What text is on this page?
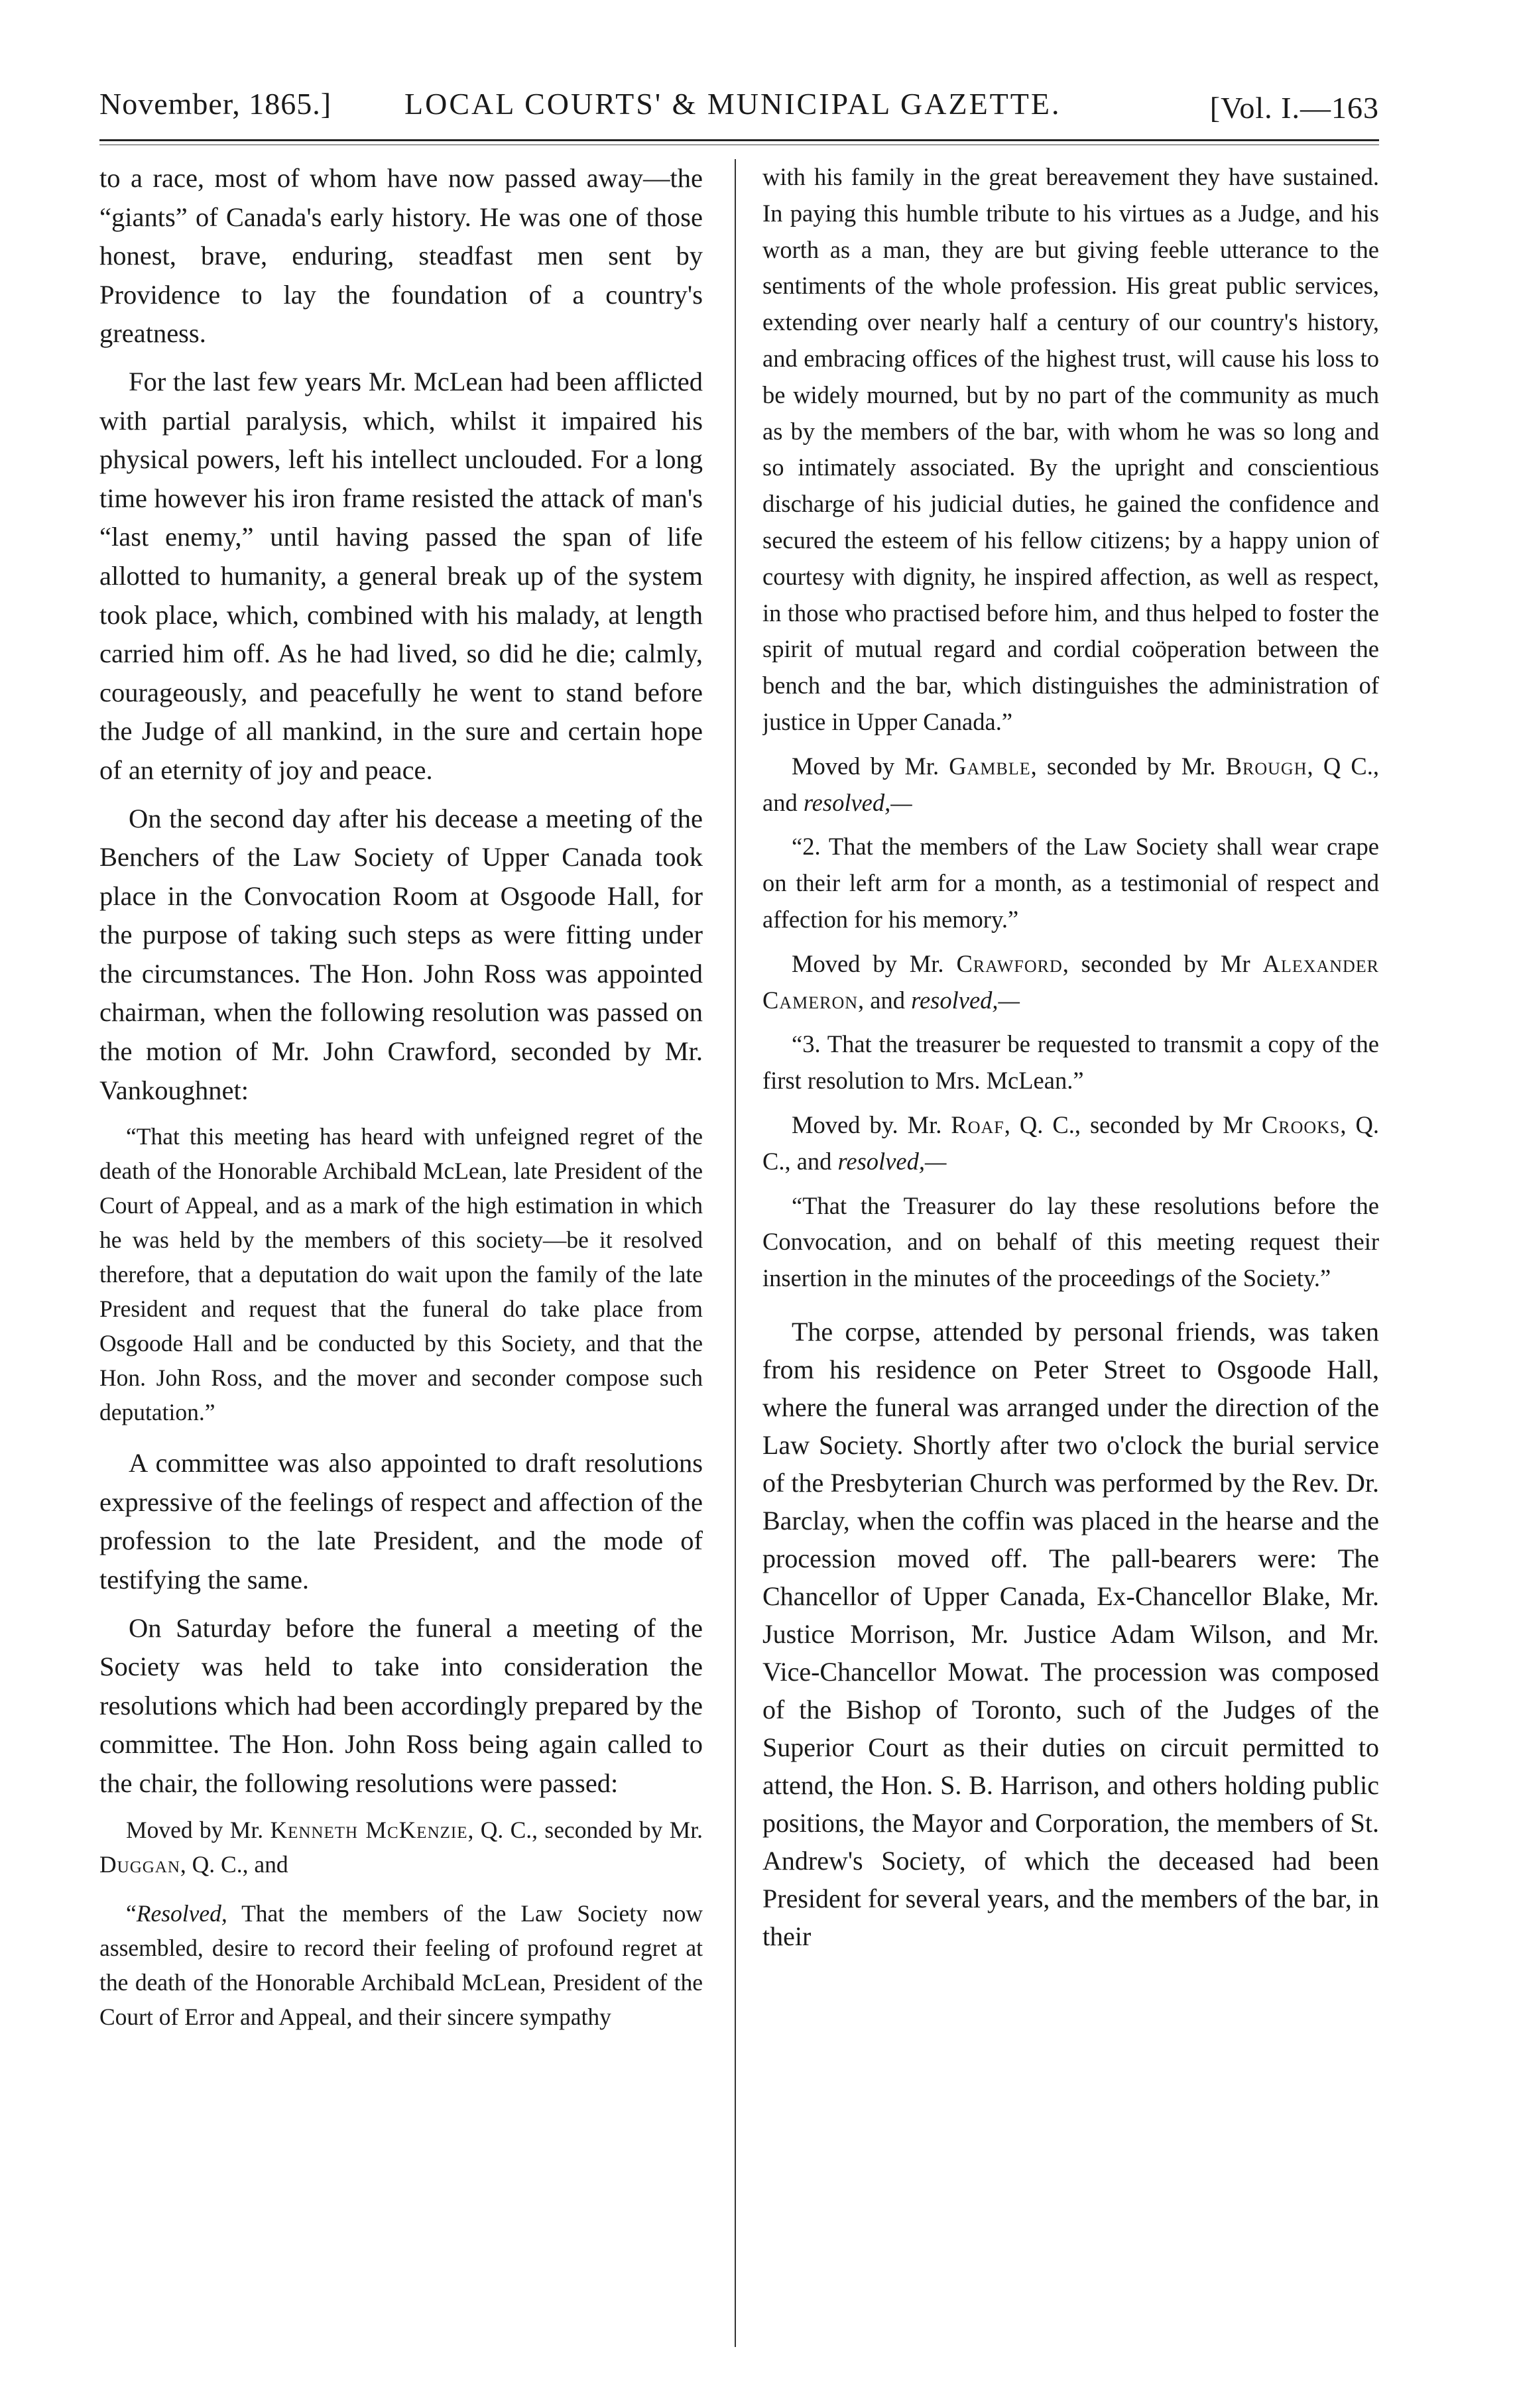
November, 1865.] LOCAL COURTS' & MUNICIPAL GAZETTE.	[Vol. I.—163

to a race, most of whom have now passed away—the “giants” of Canada's early history. He was one of those honest, brave, enduring, steadfast men sent by Providence to lay the foundation of a country's greatness.

For the last few years Mr. McLean had been afflicted with partial paralysis, which, whilst it impaired his physical powers, left his intellect unclouded. For a long time however his iron frame resisted the attack of man's “last enemy,” until having passed the span of life allotted to humanity, a general break up of the system took place, which, combined with his malady, at length carried him off. As he had lived, so did he die; calmly, courageously, and peacefully he went to stand before the Judge of all mankind, in the sure and certain hope of an eternity of joy and peace.

On the second day after his decease a meeting of the Benchers of the Law Society of Upper Canada took place in the Convocation Room at Osgoode Hall, for the purpose of taking such steps as were fitting under the circumstances. The Hon. John Ross was appointed chairman, when the following resolution was passed on the motion of Mr. John Crawford, seconded by Mr. Vankoughnet:

“That this meeting has heard with unfeigned regret of the death of the Honorable Archibald McLean, late President of the Court of Appeal, and as a mark of the high estimation in which he was held by the members of this society—be it resolved therefore, that a deputation do wait upon the family of the late President and request that the funeral do take place from Osgoode Hall and be conducted by this Society, and that the Hon. John Ross, and the mover and seconder compose such deputation.”

A committee was also appointed to draft resolutions expressive of the feelings of respect and affection of the profession to the late President, and the mode of testifying the same.

On Saturday before the funeral a meeting of the Society was held to take into consideration the resolutions which had been accordingly prepared by the committee. The Hon. John Ross being again called to the chair, the following resolutions were passed:

Moved by Mr. Kenneth McKenzie, Q. C., seconded by Mr. Duggan, Q. C., and

“Resolved, That the members of the Law Society now assembled, desire to record their feeling of profound regret at the death of the Honorable Archibald McLean, President of the Court of Error and Appeal, and their sincere sympathy

with his family in the great bereavement they have sustained. In paying this humble tribute to his virtues as a Judge, and his worth as a man, they are but giving feeble utterance to the sentiments of the whole profession. His great public services, extending over nearly half a century of our country's history, and embracing offices of the highest trust, will cause his loss to be widely mourned, but by no part of the community as much as by the members of the bar, with whom he was so long and so intimately associated. By the upright and conscientious discharge of his judicial duties, he gained the confidence and secured the esteem of his fellow citizens; by a happy union of courtesy with dignity, he inspired affection, as well as respect, in those who practised before him, and thus helped to foster the spirit of mutual regard and cordial coöperation between the bench and the bar, which distinguishes the administration of justice in Upper Canada.”

Moved by Mr. Gamble, seconded by Mr. Brough, Q C., and resolved,—

“2. That the members of the Law Society shall wear crape on their left arm for a month, as a testimonial of respect and affection for his memory.”

Moved by Mr. Crawford, seconded by Mr Alexander Cameron, and resolved,—

“3. That the treasurer be requested to transmit a copy of the first resolution to Mrs. McLean.”

Moved by. Mr. Roaf, Q. C., seconded by Mr Crooks, Q. C., and resolved,—

“That the Treasurer do lay these resolutions before the Convocation, and on behalf of this meeting request their insertion in the minutes of the proceedings of the Society.”

The corpse, attended by personal friends, was taken from his residence on Peter Street to Osgoode Hall, where the funeral was arranged under the direction of the Law Society. Shortly after two o'clock the burial service of the Presbyterian Church was performed by the Rev. Dr. Barclay, when the coffin was placed in the hearse and the procession moved off. The pall-bearers were: The Chancellor of Upper Canada, Ex-Chancellor Blake, Mr. Justice Morrison, Mr. Justice Adam Wilson, and Mr. Vice-Chancellor Mowat. The procession was composed of the Bishop of Toronto, such of the Judges of the Superior Court as their duties on circuit permitted to attend, the Hon. S. B. Harrison, and others holding public positions, the Mayor and Corporation, the members of St. Andrew's Society, of which the deceased had been President for several years, and the members of the bar, in their
